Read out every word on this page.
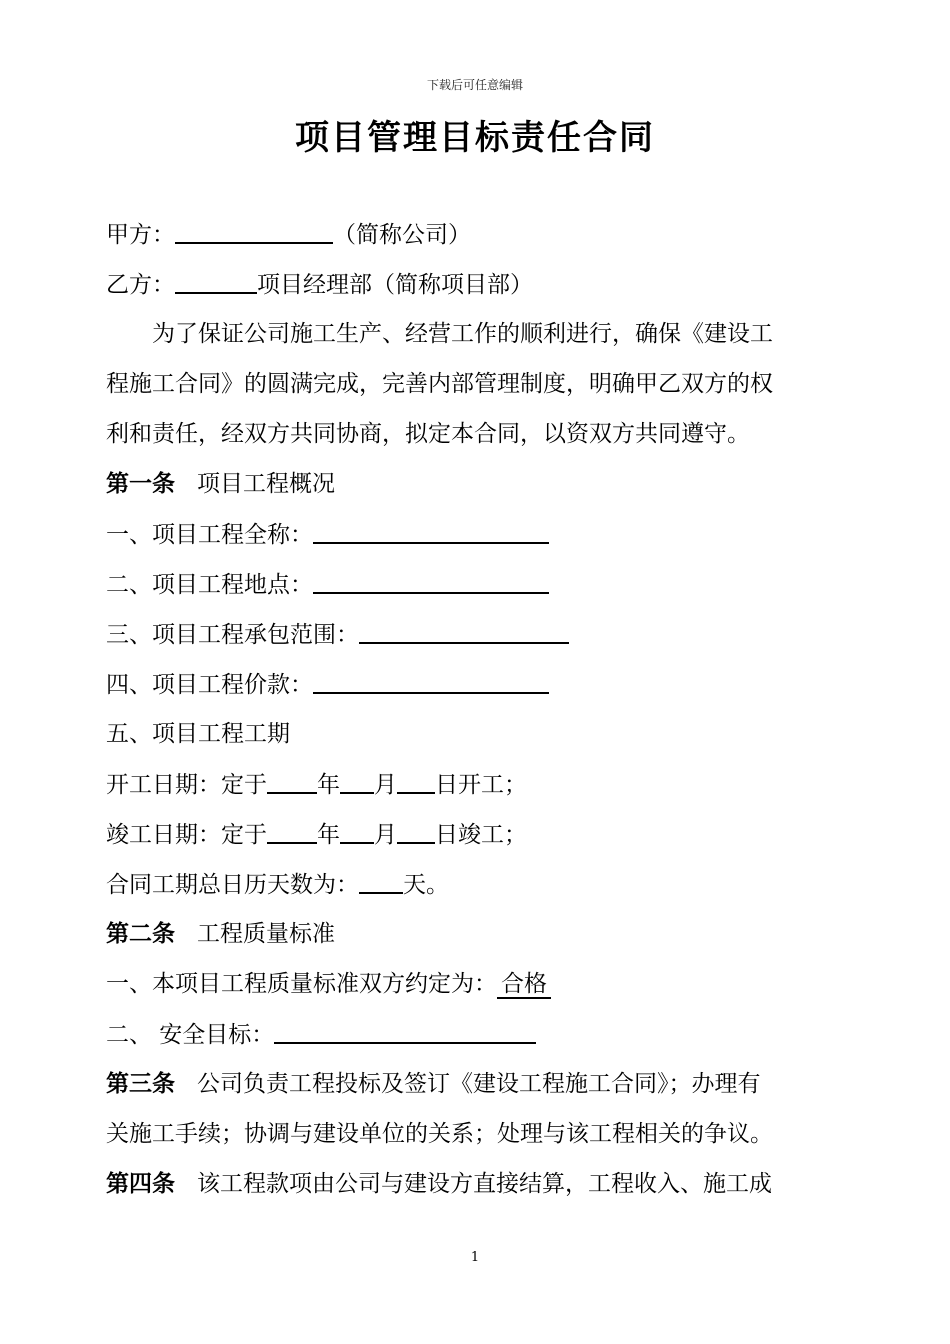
下载后可任意编辑
项目管理目标责任合同
甲方：	（简称公司）
乙方：	项目经理部（简称项目部）
为了保证公司施工生产、经营工作的顺利进行，确保《建设工
程施工合同》的圆满完成，完善内部管理制度，明确甲乙双方的权
利和责任，经双方共同协商，拟定本合同，以资双方共同遵守。
第一条 项目工程概况
一、项目工程全称：
二、项目工程地点：
三、项目工程承包范围：
四、项目工程价款：
五、项目工程工期
开工日期：定于 年 月 日开工；
竣工日期：定于 年 月 日竣工；
合同工期总日历天数为： 天。
第二条 工程质量标准
一、本项目工程质量标准双方约定为： 合格
二、 安全目标：
第三条 公司负责工程投标及签订《建设工程施工合同》；办理有
关施工手续；协调与建设单位的关系；处理与该工程相关的争议。
第四条 该工程款项由公司与建设方直接结算，工程收入、施工成
1
